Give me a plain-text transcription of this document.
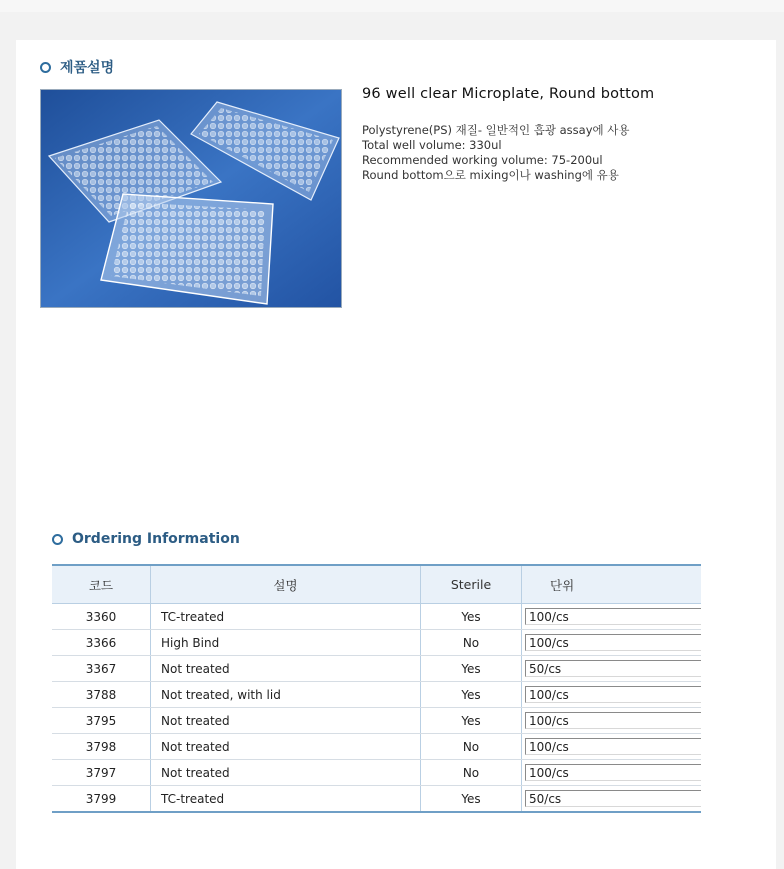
제품설명
96 well clear Microplate, Round bottom
Polystyrene(PS) 재질- 일반적인 흡광 assay에 사용
Total well volume: 330ul
Recommended working volume: 75-200ul
Round bottom으로 mixing이나 washing에 유용
Ordering Information
코드	설명	Sterile	단위
3360	TC-treated	Yes	100/cs
3366	High Bind	No	100/cs
3367	Not treated	Yes	50/cs
3788	Not treated, with lid	Yes	100/cs
3795	Not treated	Yes	100/cs
3798	Not treated	No	100/cs
3797	Not treated	No	100/cs
3799	TC-treated	Yes	50/cs
